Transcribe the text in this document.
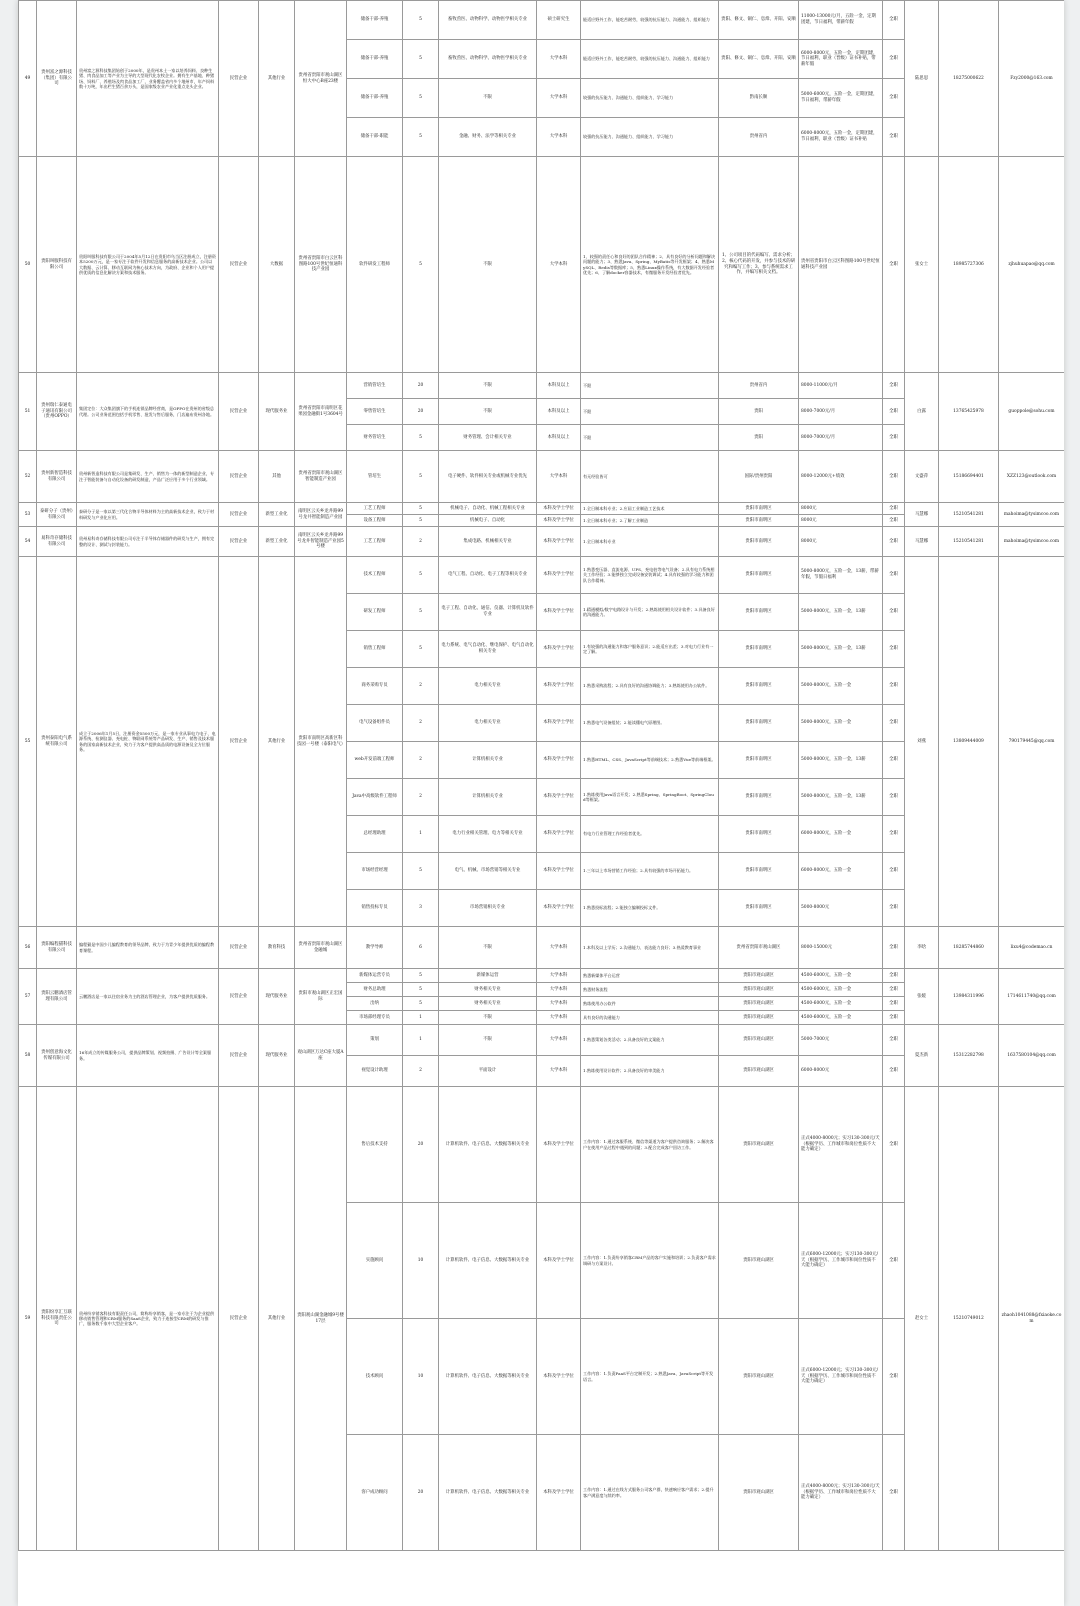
49	贵州富之源科技（集团）有限公司	贵州富之源科技集团始创于2000年，是贵州本土一家以培养饲料、良种生猪、肉食品加工等产业为主导的大型现代化农牧企业。拥有生产基地、种猪场、饲料厂、养殖场及肉食品加工厂，业务覆盖省内多个地州市，年产饲料数十万吨，年出栏生猪百余万头，是国家级农业产业化重点龙头企业。	民营企业	其他行业	贵州省贵阳市观山湖区恒大中心B座23楼	储备干部-养殖	5	畜牧兽医、动物科学、动物医学相关专业	硕士研究生	能适应野外工作，能吃苦耐劳，较强的抗压能力、沟通能力、组织能力	贵阳、修文、铜仁、息烽、开阳、安顺	11000-13000元/月，五险一金，定期团建，节日福利，带薪年假	全职	陆思思	18275000622	Fzy2000@163.com
						储备干部-养殖	5	畜牧兽医、动物科学、动物医学相关专业	大学本科	能适应野外工作，能吃苦耐劳，较强的抗压能力、沟通能力、组织能力	贵阳、修文、铜仁、息烽、开阳、安顺	6000-8000元，五险一金，定期团建，节日福利，职业（晋级）证书补贴，带薪年假	全职			
						储备干部-养殖	5	不限	大学本科	较强的抗压能力、沟通能力、组织能力、学习能力	黔南长顺	5000-6000元，五险一金，定期团建，节日福利，带薪年假	全职			
						储备干部-职能	5	金融、财务、法学等相关专业	大学本科	较强的抗压能力、沟通能力、组织能力、学习能力	贵州省内	6000-8000元，五险一金，定期团建，节日福利，职业（晋级）证书补贴	全职			
50	贵阳叫服科技有限公司	贵阳叫服科技有限公司于2004年5月12日在贵阳市乌当区注册成立，注册资本5200万元，是一家专注于软件开发和信息服务的高新技术企业。公司以大数据、云计算、移动互联网为核心技术方向，为政府、企业和个人用户提供优质的信息化解决方案和技术服务。	民营企业	大数据	贵州省贵阳市白云区科图路100号世纪恒通科技产业园	软件研发工程师	5	不限	大学本科	1、较强的责任心和良好的团队合作精神；2、具有良好的分析问题和解决问题的能力；3、熟悉Java、Spring、MyBatis等开发框架；4、熟悉MySQL、Redis等数据库；5、熟悉Linux操作系统，有大数据开发经验者优先；6、了解docker容器技术，有微服务开发经验者优先。	1、公司项目的代码编写、需求分析；2、核心代码的开发，并参与技术的研究和编写工作；3、参与系统需求工作，并编写相关文档。	贵州省贵阳市白云区科图路100号世纪恒通科技产业园	全职	张女士	18985727306	zjhuhuapao@qq.com
51	贵州瑞仁泰通电子通讯有限公司（贵州OPPO）	集团定位：大众集团旗下的手机连锁品牌经营商，是OPPO在贵州的省级总代理。公司业务范围包括手机零售、批发与售后服务，门店遍布贵州各地。	民营企业	现代服务业	贵州省贵阳市南明区花果园金融街1号3604号	营销管培生	20	不限	本科及以上	不限	贵州省内	8000-11000元/月	全职	白露	13765425978	guoppole@sohu.com
						零售管培生	20	不限	本科及以上	不限	贵阳	8000-7000元/月	全职			
						财务管培生	5	财务管理、会计相关专业	本科及以上	不限	贵阳	8000-7000元/月	全职			
52	贵州新智造科技有限公司	贵州新智造科技有限公司是集研发、生产、销售为一体的新型制造企业，专注于智能装备与自动化设备的研发制造，产品广泛应用于多个行业领域。	民营企业	其他	贵州省贵阳市观山湖区智能制造产业园	管培生	5	电子硬件、软件相关专业或机械专业优先	大学本科	有无经验皆可	国际/贵州贵阳	8000-12000元+绩效	全职	文盛萍	15186694401	XZZ123@outlook.com
53	泰研分子（贵州）有限公司	泰研分子是一家以第三代化合物半导体材料为主的高新技术企业，致力于材料研发与产业化应用。	民营企业	新型工业化	南明区云关乡龙井路99号龙井智能制造产业园	工艺工程师	5	机械电子、自动化、机械工程相关专业	本科及学士学位	1.全日制本科专业；2.应届工业制造工艺技术	贵阳市南明区	8000元	全职	马慧娜	15210541281	mahoima@tysimcoo.com
						设备工程师	5	机械电子、自动化	本科及学士学位	1.全日制本科专业；2.了解工业制造	贵阳市南明区	8000元	全职			
54	易科奇存储科技有限公司	贵州易科奇存储科技有限公司专注于半导体存储器件的研发与生产，拥有完整的设计、测试与封装能力。	民营企业	新型工业化	南明区云关乡龙井路99号龙井智能制造产业园5号楼	工艺工程师	2	集成电路、机械相关专业	本科及学士学位	1.全日制本科专业	贵阳市南明区	8000元	全职	马慧娜	15210541281	mahoima@tysimcoo.com
55	贵州泰阳电气系统有限公司	成立于2006年1月5日，注册资金5500万元，是一家专业从事电力电子、电源系统、检测仪器、充电桩、物联网系统等产品研发、生产、销售及技术服务的国家高新技术企业，致力于为客户提供高品质的电源设备及全方位服务。	民营企业	其他行业	贵阳市南明区高新区科技园一号楼（泰阳电气）	技术工程师	5	电气工程、自动化、电子工程等相关专业	本科及学士学位	1.熟悉变压器、直流电源、UPS、充电桩等电气设备；2.具有电力系统相关工作经验；3.能够独立完成设备安装调试；4.具有较强的学习能力和团队合作精神。	贵阳市南明区	5000-8000元，五险一金，13薪，带薪年假，节假日福利	全职	刘燕	13809444009	790179445@qq.com
						研发工程师	5	电子工程、自动化、通信、仪器、计算机及软件专业	本科及学士学位	1.精通模拟/数字电路设计与开发；2.熟练使用相关设计软件；3.具备良好的沟通能力。	贵阳市南明区	5000-8000元，五险一金，13薪	全职			
						销售工程师	5	电力系统、电气自动化、继电保护、电气自动化相关专业	本科及学士学位	1.有较强的沟通能力和客户服务意识；2.能适应出差；3.对电力行业有一定了解。	贵阳市南明区	5000-8000元，五险一金，13薪	全职			
						商务采购专员	2	电力相关专业	本科及学士学位	1.熟悉采购流程；2.具有良好的沟通协调能力；3.熟练使用办公软件。	贵阳市南明区	5000-8000元，五险一金	全职			
						电气设备组件员	2	电力相关专业	本科及学士学位	1.熟悉电气设备组装；2.能读懂电气原理图。	贵阳市南明区	5000-8000元，五险一金	全职			
						web开发前端工程师	2	计算机相关专业	本科及学士学位	1.熟悉HTML、CSS、JavaScript等前端技术；2.熟悉Vue等前端框架。	贵阳市南明区	5000-8000元，五险一金，13薪	全职			
						Java中高级软件工程师	2	计算机相关专业	本科及学士学位	1.熟练使用Java语言开发；2.熟悉Spring、SpringBoot、SpringCloud等框架。	贵阳市南明区	5000-8000元，五险一金，13薪	全职			
						总经理助理	1	电力行业相关管理、电力等相关专业	本科及学士学位	有电力行业管理工作经验者优先。	贵阳市南明区	6000-8000元，五险一金	全职			
						市场经营经理	5	电气、机械、市场营销等相关专业	本科及学士学位	1.三年以上市场营销工作经验；2.具有较强的市场开拓能力。	贵阳市南明区	6000-8000元，五险一金	全职			
						销售投标专员	3	市场营销相关专业	本科及学士学位	1.熟悉投标流程；2.能独立编制投标文件。	贵阳市南明区	5000-8000元	全职			
56	贵阳编程猫科技有限公司	编程猫是中国少儿编程教育的领导品牌，致力于为青少年提供优质的编程教育课程。	民营企业	教育科技	贵州省贵阳市观山湖区金融城	教学导师	6	不限	大学本科	1.本科及以上学历；2.沟通能力、表达能力良好；3.热爱教育事业	贵州省贵阳市观山湖区	8000-15000元	全职	李晗	18285744860	lixu4@codemao.cn
57	贵阳云鹏酒店管理有限公司	云鹏酒店是一家以住宿业务为主的酒店管理企业，为客户提供优质服务。	民营企业	现代服务业	贵阳市观山湖区正宏国际	新媒体运营专员	5	新媒体运营	大学本科	熟悉新媒体平台运营	贵阳市观山湖区	4500-6000元，五险一金	全职	张媛	13984311996	1714611740@qq.com
						财务总助理	5	财务相关专业	大学本科	熟悉财务流程	贵阳市观山湖区	4500-6000元，五险一金	全职			
						出纳	5	财务相关专业	大学本科	熟练使用办公软件	贵阳市观山湖区	4500-6000元，五险一金	全职			
						市场部经理专员	1	不限	大学本科	具有良好的沟通能力	贵阳市观山湖区	4500-6000元，五险一金	全职			
58	贵州创意海文化传媒有限公司	16年成立的传媒服务公司，提供品牌策划、视频拍摄、广告设计等全案服务。	民营企业	现代服务业	观山湖区万达C座大厦A座	策划	1	不限	大学本科	1.熟悉策划各类活动；2.具备良好的文案能力	贵阳市观山湖区	5000-7000元	全职	夏杰新	15312282798	1637580104@qq.com
						视觉设计助理	2	平面设计	大学本科	1.熟练使用设计软件；2.具备良好的审美能力	贵阳市观山湖区	6000-8000元	全职			
59	贵阳纷享汇互联科技有限责任公司	贵州纷享销客科技有限责任公司，简称纷享销客，是一家专注于为企业提供移动销售管理和CRM服务的SaaS企业，致力于连接型CRM的研发与推广，服务数千家中大型企业客户。	民营企业	其他行业	贵阳观山湖金融城9号楼17层	售后技术支持	20	计算机软件、电子信息、大数据等相关专业	本科及学士学位	工作内容：1.通过客服系统、微信等渠道为客户提供咨询服务；2.解决客户在使用产品过程中遇到的问题；3.配合完成客户回访工作。	贵阳市观山湖区	正式4000-8000元；实习130-300元/天（根据学历、工作城市和岗位性质不大能力确定）	全职	赵女士	15210749012	zhaoh1041088@fxiaoke.com
						实施顾问	10	计算机软件、电子信息、大数据等相关专业	本科及学士学位	工作内容：1.负责纷享销客CRM产品的客户实施和培训；2.负责客户需求调研与方案设计。	贵阳市观山湖区	正式6000-12000元；实习130-300元/天（根据学历、工作城市和岗位性质不大能力确定）	全职			
						技术顾问	10	计算机软件、电子信息、大数据等相关专业	本科及学士学位	工作内容：1.负责PaaS平台定制开发；2.熟悉Java、JavaScript等开发语言。	贵阳市观山湖区	正式6000-12000元；实习130-300元/天（根据学历、工作城市和岗位性质不大能力确定）	全职			
						客户成功顾问	20	计算机软件、电子信息、大数据等相关专业	本科及学士学位	工作内容：1.通过在线方式服务公司客户群，快速响应客户需求；2.提升客户满意度与续约率。	贵阳市观山湖区	正式4000-8000元；实习130-300元/天（根据学历、工作城市和岗位性质不大能力确定）	全职			
